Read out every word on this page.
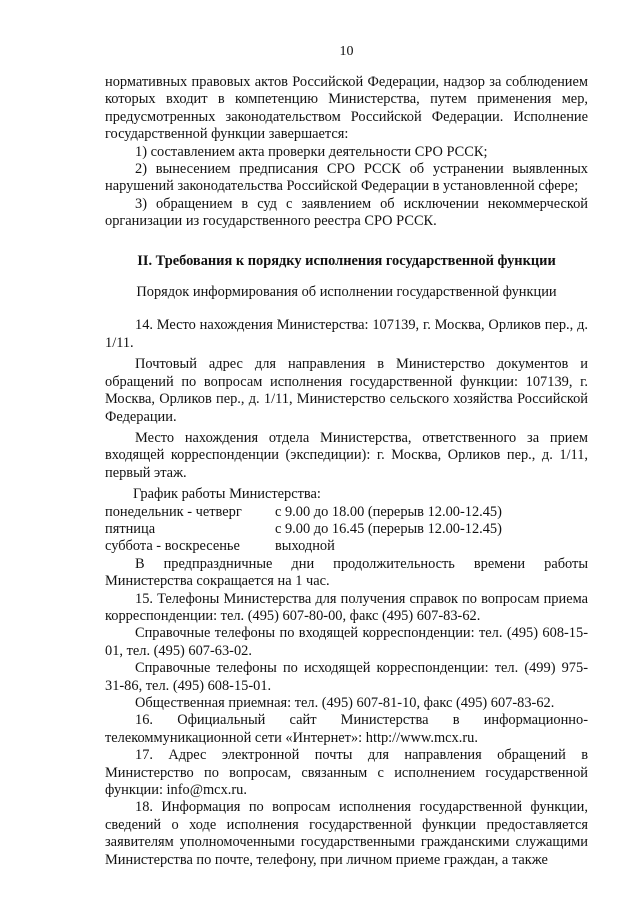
10

нормативных правовых актов Российской Федерации, надзор за соблюдением которых входит в компетенцию Министерства, путем применения мер, предусмотренных законодательством Российской Федерации. Исполнение государственной функции завершается:

1) составлением акта проверки деятельности СРО РССК;

2) вынесением предписания СРО РССК об устранении выявленных нарушений законодательства Российской Федерации в установленной сфере;

3) обращением в суд с заявлением об исключении некоммерческой организации из государственного реестра СРО РССК.

II. Требования к порядку исполнения государственной функции

Порядок информирования об исполнении государственной функции

14. Место нахождения Министерства: 107139, г. Москва, Орликов пер., д. 1/11.

Почтовый адрес для направления в Министерство документов и обращений по вопросам исполнения государственной функции: 107139, г. Москва, Орликов пер., д. 1/11, Министерство сельского хозяйства Российской Федерации.

Место нахождения отдела Министерства, ответственного за прием входящей корреспонденции (экспедиции): г. Москва, Орликов пер., д. 1/11, первый этаж.

График работы Министерства:

понедельник - четверг	с 9.00 до 18.00 (перерыв 12.00-12.45)
пятница	с 9.00 до 16.45 (перерыв 12.00-12.45)
суббота - воскресенье	выходной

В предпраздничные дни продолжительность времени работы Министерства сокращается на 1 час.

15. Телефоны Министерства для получения справок по вопросам приема корреспонденции: тел. (495) 607-80-00, факс (495) 607-83-62.

Справочные телефоны по входящей корреспонденции: тел. (495) 608-15-01, тел. (495) 607-63-02.

Справочные телефоны по исходящей корреспонденции: тел. (499) 975-31-86, тел. (495) 608-15-01.

Общественная приемная: тел. (495) 607-81-10, факс (495) 607-83-62.

16. Официальный сайт Министерства в информационно-телекоммуникационной сети «Интернет»: http://www.mcx.ru.

17. Адрес электронной почты для направления обращений в Министерство по вопросам, связанным с исполнением государственной функции: info@mcx.ru.

18. Информация по вопросам исполнения государственной функции, сведений о ходе исполнения государственной функции предоставляется заявителям уполномоченными государственными гражданскими служащими Министерства по почте, телефону, при личном приеме граждан, а также
